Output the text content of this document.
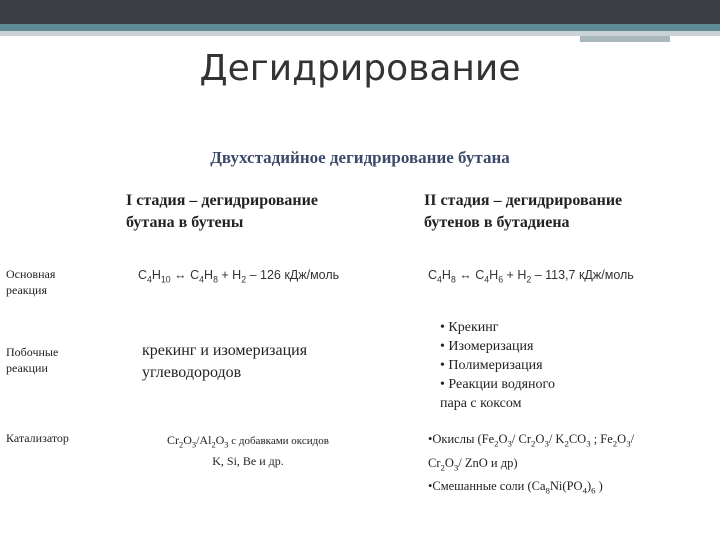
Дегидрирование
Двухстадийное дегидрирование бутана
I стадия – дегидрирование
бутана в бутены
II стадия – дегидрирование
бутенов в бутадиена
Основная
реакция
$C_4H_{10}$ ↔ $C_4H_8 + H_2 - 126$ кДж/моль	$C_4H_8$ ↔ $C_4H_6 + H_2 - 113,7$ кДж/моль
Побочные
реакции
крекинг и изомеризация
углеводородов
• Крекинг
• Изомеризация
• Полимеризация
• Реакции водяного
пара с коксом
Катализатор	$Cr_2O_3/Al_2O_3$ с добавками оксидов
K, Si, Be и др.
•Окислы ($Fe_2O_3/$ $Cr_2O_3/$ $K_2CO_3$ ; $Fe_2O_3/$
$Cr_2O_3/$ ZnO и др)
•Смешанные соли ($Ca_8Ni(PO_4)_6$ )
